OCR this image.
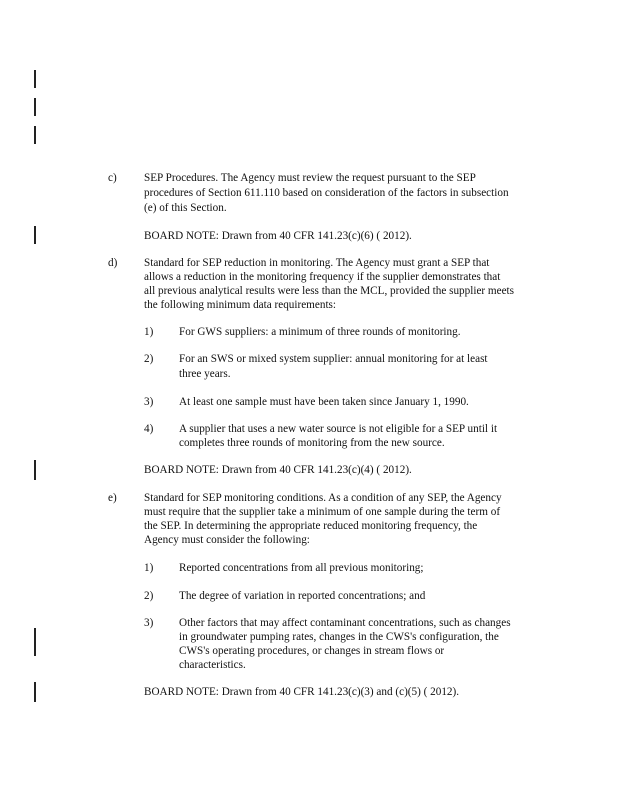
c) SEP Procedures. The Agency must review the request pursuant to the SEP
procedures of Section 611.110 based on consideration of the factors in subsection
(e) of this Section.
BOARD NOTE: Drawn from 40 CFR 141.23(c)(6) ( 2012).
d) Standard for SEP reduction in monitoring. The Agency must grant a SEP that
allows a reduction in the monitoring frequency if the supplier demonstrates that
all previous analytical results were less than the MCL, provided the supplier meets
the following minimum data requirements:
1) For GWS suppliers: a minimum of three rounds of monitoring.
2) For an SWS or mixed system supplier: annual monitoring for at least
three years.
3) At least one sample must have been taken since January 1, 1990.
4) A supplier that uses a new water source is not eligible for a SEP until it
completes three rounds of monitoring from the new source.
BOARD NOTE: Drawn from 40 CFR 141.23(c)(4) ( 2012).
e) Standard for SEP monitoring conditions. As a condition of any SEP, the Agency
must require that the supplier take a minimum of one sample during the term of
the SEP. In determining the appropriate reduced monitoring frequency, the
Agency must consider the following:
1) Reported concentrations from all previous monitoring;
2) The degree of variation in reported concentrations; and
3) Other factors that may affect contaminant concentrations, such as changes
in groundwater pumping rates, changes in the CWS's configuration, the
CWS's operating procedures, or changes in stream flows or
characteristics.
BOARD NOTE: Drawn from 40 CFR 141.23(c)(3) and (c)(5) ( 2012).
